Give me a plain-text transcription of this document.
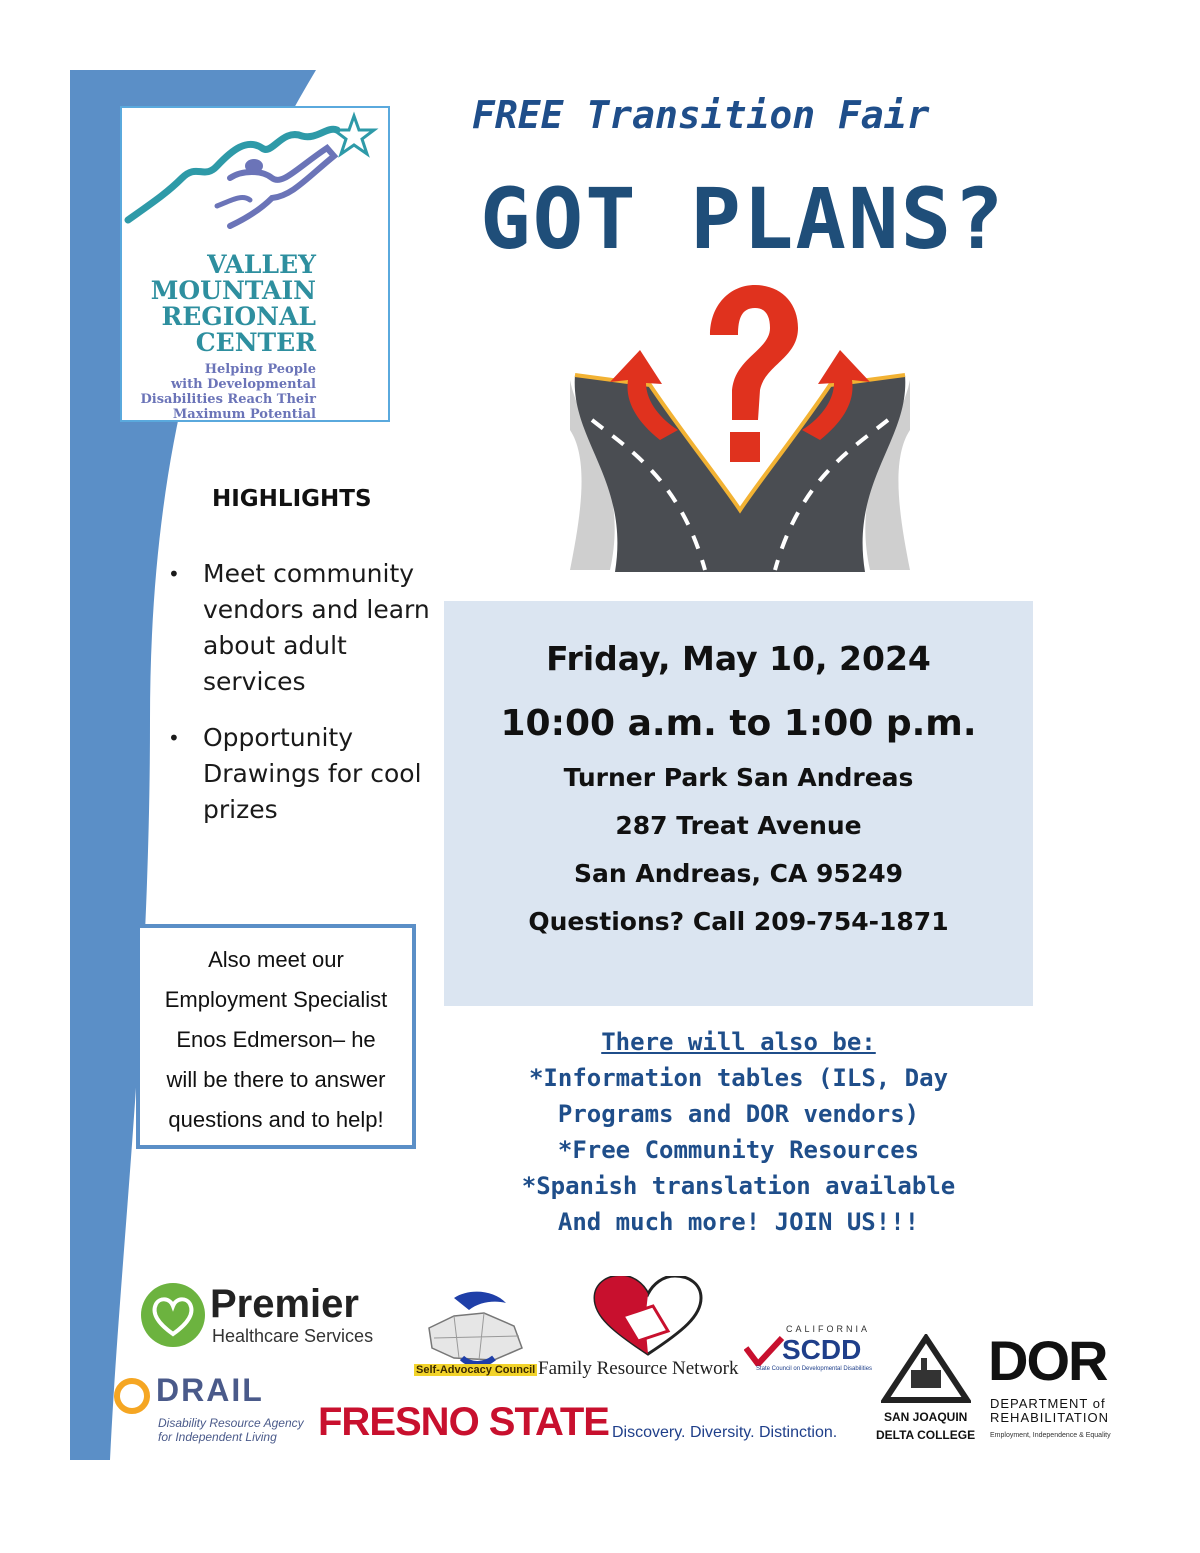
VALLEY
MOUNTAIN
REGIONAL
CENTER
Helping People
with Developmental
Disabilities Reach Their
Maximum Potential
FREE Transition Fair
GOT PLANS?
HIGHLIGHTS
• Meet community vendors and learn about adult services
• Opportunity Drawings for cool prizes
Also meet our
Employment Specialist
Enos Edmerson– he
will be there to answer
questions and to help!
Friday, May 10, 2024
10:00 a.m. to 1:00 p.m.
Turner Park San Andreas
287 Treat Avenue
San Andreas, CA 95249
Questions? Call 209-754-1871
There will also be:
*Information tables (ILS, Day
Programs and DOR vendors)
*Free Community Resources
*Spanish translation available
And much more! JOIN US!!!
Premier
Healthcare Services
Self-Advocacy Council Family Resource Network
CALIFORNIA
SCDD
State Council on Developmental Disabilities
SAN JOAQUIN
DELTA COLLEGE
DOR
DEPARTMENT of
REHABILITATION
Employment, Independence & Equality
DRAIL
Disability Resource Agency
for Independent Living FRESNO STATE Discovery. Diversity. Distinction.
